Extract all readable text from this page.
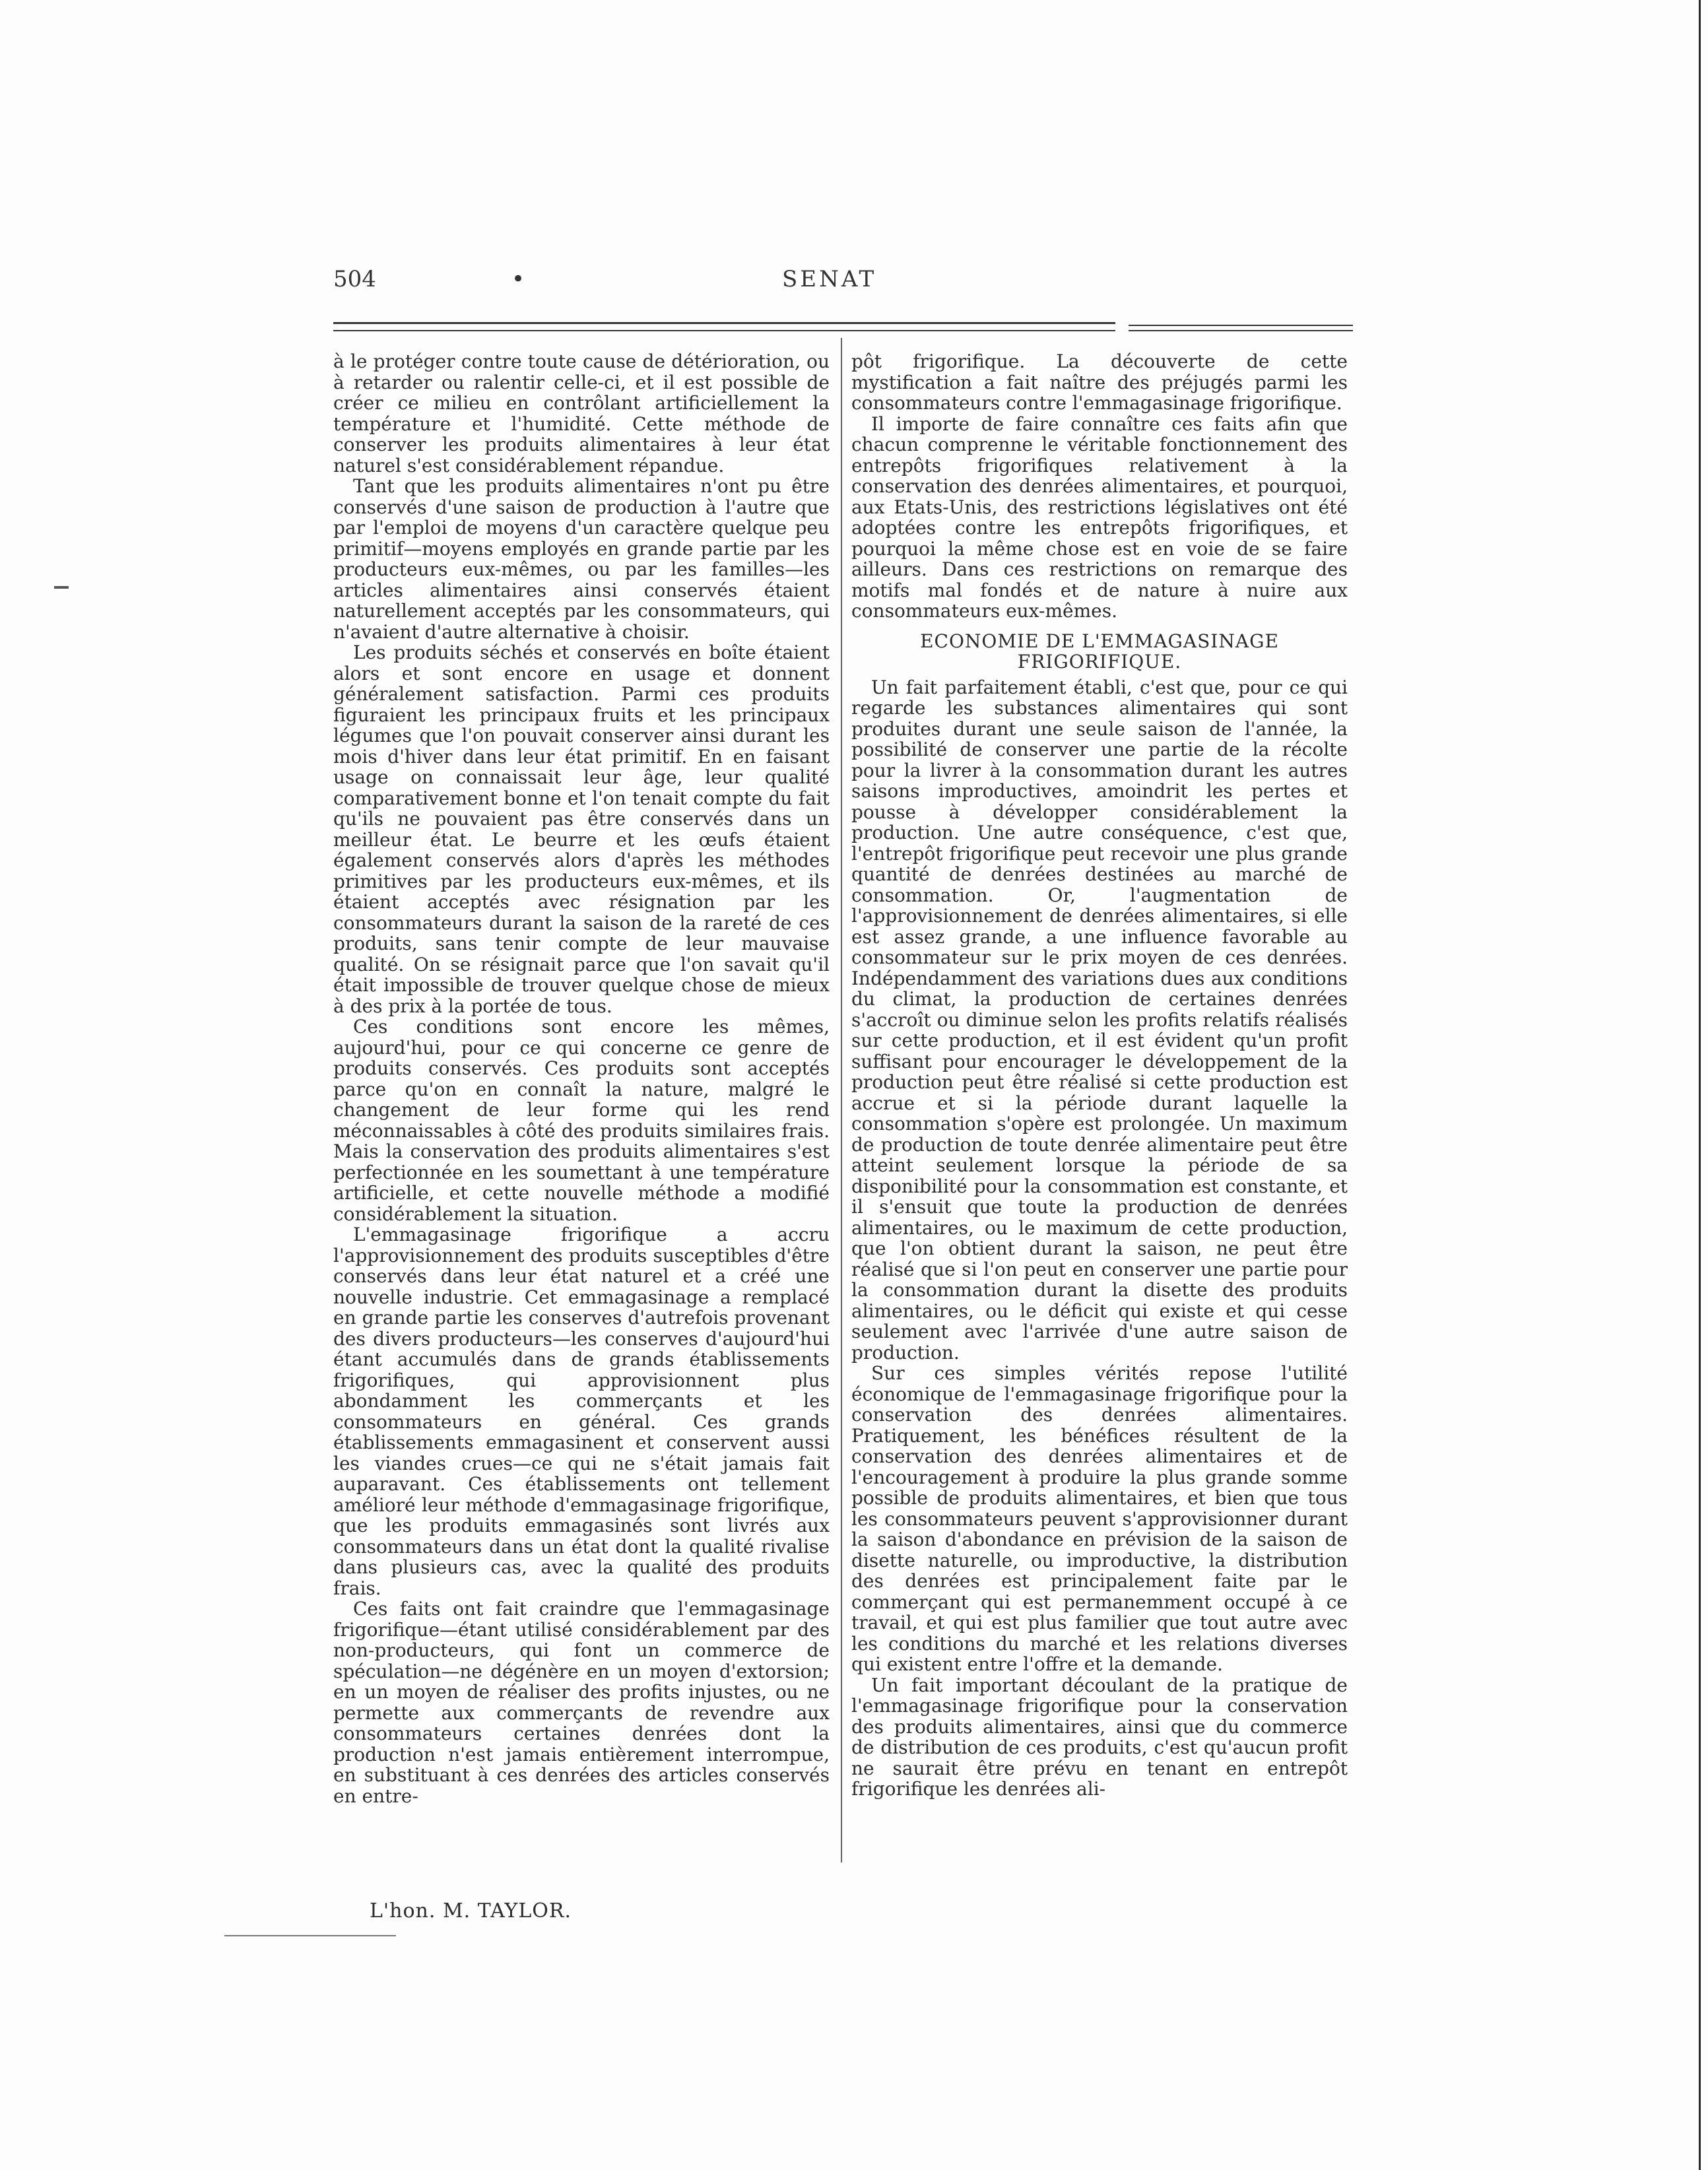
504	•	SENAT

à le protéger contre toute cause de détérioration, ou à retarder ou ralentir celle-ci, et il est possible de créer ce milieu en contrôlant artificiellement la température et l'humidité. Cette méthode de conserver les produits alimentaires à leur état naturel s'est considérablement répandue.

Tant que les produits alimentaires n'ont pu être conservés d'une saison de production à l'autre que par l'emploi de moyens d'un caractère quelque peu primitif—moyens employés en grande partie par les producteurs eux-mêmes, ou par les familles—les articles alimentaires ainsi conservés étaient naturellement acceptés par les consommateurs, qui n'avaient d'autre alternative à choisir.

Les produits séchés et conservés en boîte étaient alors et sont encore en usage et donnent généralement satisfaction. Parmi ces produits figuraient les principaux fruits et les principaux légumes que l'on pouvait conserver ainsi durant les mois d'hiver dans leur état primitif. En en faisant usage on connaissait leur âge, leur qualité comparativement bonne et l'on tenait compte du fait qu'ils ne pouvaient pas être conservés dans un meilleur état. Le beurre et les œufs étaient également conservés alors d'après les méthodes primitives par les producteurs eux-mêmes, et ils étaient acceptés avec résignation par les consommateurs durant la saison de la rareté de ces produits, sans tenir compte de leur mauvaise qualité. On se résignait parce que l'on savait qu'il était impossible de trouver quelque chose de mieux à des prix à la portée de tous.

Ces conditions sont encore les mêmes, aujourd'hui, pour ce qui concerne ce genre de produits conservés. Ces produits sont acceptés parce qu'on en connaît la nature, malgré le changement de leur forme qui les rend méconnaissables à côté des produits similaires frais. Mais la conservation des produits alimentaires s'est perfectionnée en les soumettant à une température artificielle, et cette nouvelle méthode a modifié considérablement la situation.

L'emmagasinage frigorifique a accru l'approvisionnement des produits susceptibles d'être conservés dans leur état naturel et a créé une nouvelle industrie. Cet emmagasinage a remplacé en grande partie les conserves d'autrefois provenant des divers producteurs—les conserves d'aujourd'hui étant accumulés dans de grands établissements frigorifiques, qui approvisionnent plus abondamment les commerçants et les consommateurs en général. Ces grands établissements emmagasinent et conservent aussi les viandes crues—ce qui ne s'était jamais fait auparavant. Ces établissements ont tellement amélioré leur méthode d'emmagasinage frigorifique, que les produits emmagasinés sont livrés aux consommateurs dans un état dont la qualité rivalise dans plusieurs cas, avec la qualité des produits frais.

Ces faits ont fait craindre que l'emmagasinage frigorifique—étant utilisé considérablement par des non-producteurs, qui font un commerce de spéculation—ne dégénère en un moyen d'extorsion; en un moyen de réaliser des profits injustes, ou ne permette aux commerçants de revendre aux consommateurs certaines denrées dont la production n'est jamais entièrement interrompue, en substituant à ces denrées des articles conservés en entre-

pôt frigorifique. La découverte de cette mystification a fait naître des préjugés parmi les consommateurs contre l'emmagasinage frigorifique.

Il importe de faire connaître ces faits afin que chacun comprenne le véritable fonctionnement des entrepôts frigorifiques relativement à la conservation des denrées alimentaires, et pourquoi, aux Etats-Unis, des restrictions législatives ont été adoptées contre les entrepôts frigorifiques, et pourquoi la même chose est en voie de se faire ailleurs. Dans ces restrictions on remarque des motifs mal fondés et de nature à nuire aux consommateurs eux-mêmes.

ECONOMIE DE L'EMMAGASINAGE FRIGORIFIQUE.

Un fait parfaitement établi, c'est que, pour ce qui regarde les substances alimentaires qui sont produites durant une seule saison de l'année, la possibilité de conserver une partie de la récolte pour la livrer à la consommation durant les autres saisons improductives, amoindrit les pertes et pousse à développer considérablement la production. Une autre conséquence, c'est que, l'entrepôt frigorifique peut recevoir une plus grande quantité de denrées destinées au marché de consommation. Or, l'augmentation de l'approvisionnement de denrées alimentaires, si elle est assez grande, a une influence favorable au consommateur sur le prix moyen de ces denrées. Indépendamment des variations dues aux conditions du climat, la production de certaines denrées s'accroît ou diminue selon les profits relatifs réalisés sur cette production, et il est évident qu'un profit suffisant pour encourager le développement de la production peut être réalisé si cette production est accrue et si la période durant laquelle la consommation s'opère est prolongée. Un maximum de production de toute denrée alimentaire peut être atteint seulement lorsque la période de sa disponibilité pour la consommation est constante, et il s'ensuit que toute la production de denrées alimentaires, ou le maximum de cette production, que l'on obtient durant la saison, ne peut être réalisé que si l'on peut en conserver une partie pour la consommation durant la disette des produits alimentaires, ou le déficit qui existe et qui cesse seulement avec l'arrivée d'une autre saison de production.

Sur ces simples vérités repose l'utilité économique de l'emmagasinage frigorifique pour la conservation des denrées alimentaires. Pratiquement, les bénéfices résultent de la conservation des denrées alimentaires et de l'encouragement à produire la plus grande somme possible de produits alimentaires, et bien que tous les consommateurs peuvent s'approvisionner durant la saison d'abondance en prévision de la saison de disette naturelle, ou improductive, la distribution des denrées est principalement faite par le commerçant qui est permanemment occupé à ce travail, et qui est plus familier que tout autre avec les conditions du marché et les relations diverses qui existent entre l'offre et la demande.

Un fait important découlant de la pratique de l'emmagasinage frigorifique pour la conservation des produits alimentaires, ainsi que du commerce de distribution de ces produits, c'est qu'aucun profit ne saurait être prévu en tenant en entrepôt frigorifique les denrées ali-

L'hon. M. TAYLOR.
